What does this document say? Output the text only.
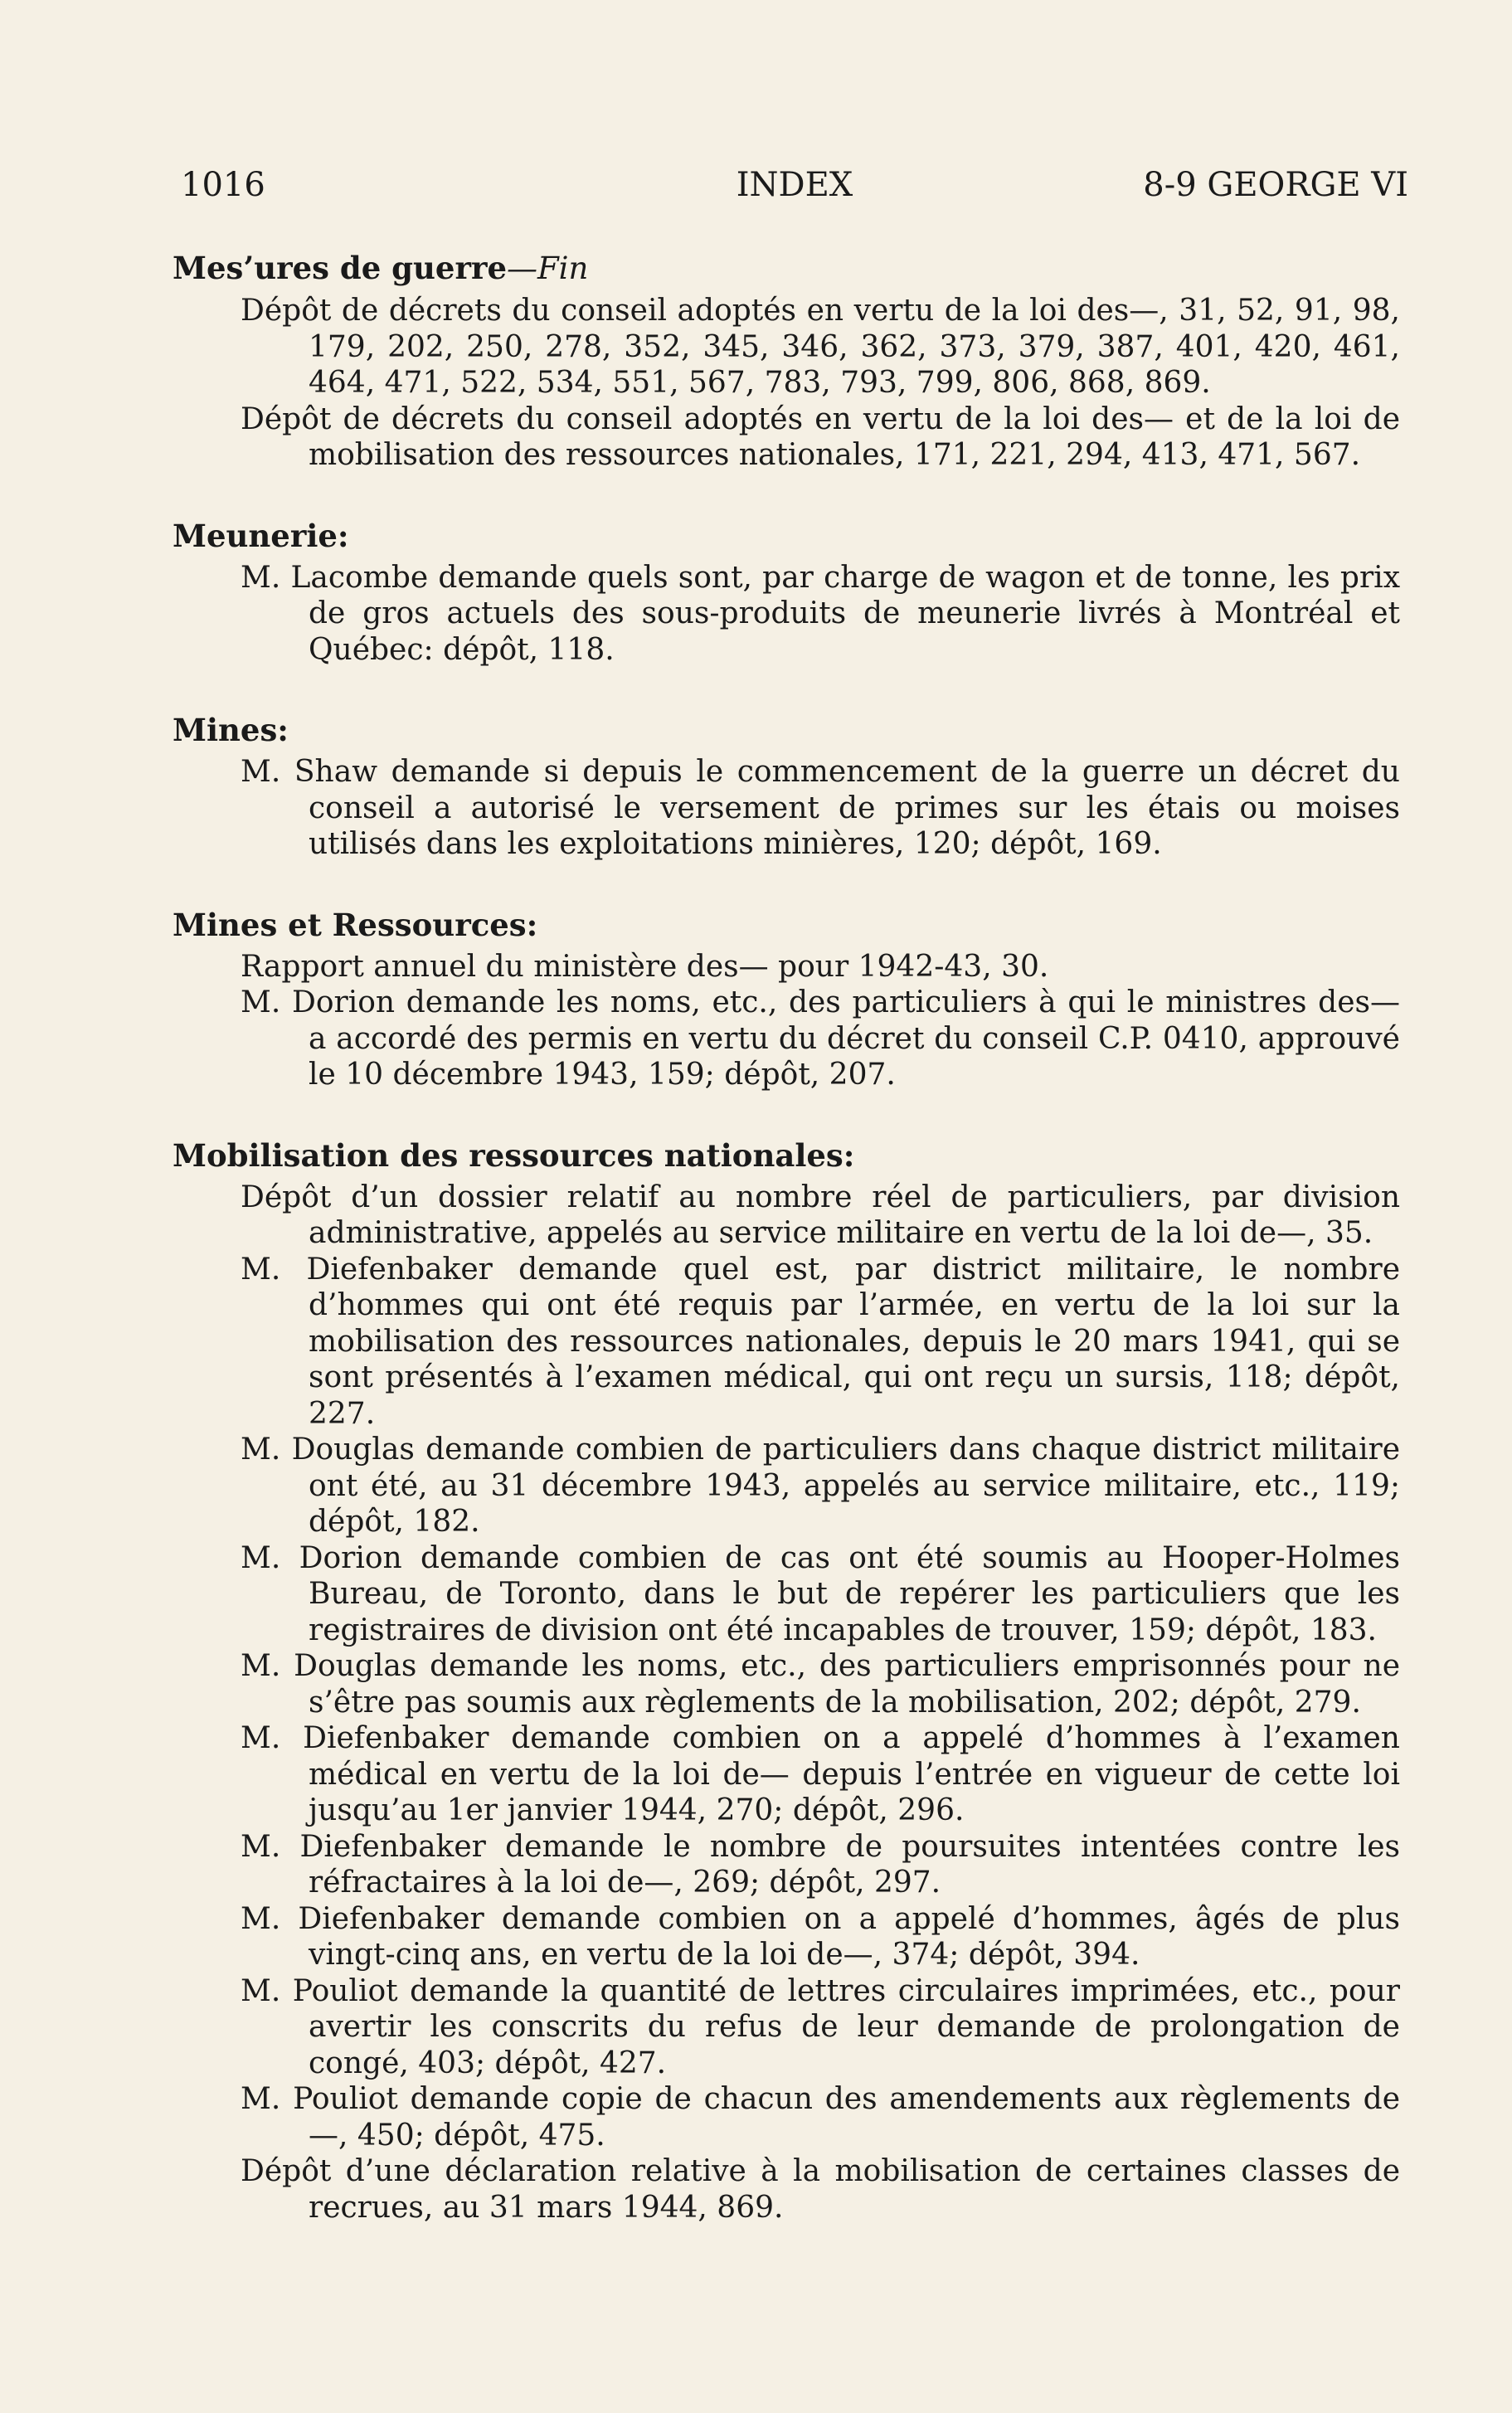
1016	INDEX	8-9 GEORGE VI

Mes’ures de guerre—Fin

Dépôt de décrets du conseil adoptés en vertu de la loi des—, 31, 52, 91, 98, 179, 202, 250, 278, 352, 345, 346, 362, 373, 379, 387, 401, 420, 461, 464, 471, 522, 534, 551, 567, 783, 793, 799, 806, 868, 869.
Dépôt de décrets du conseil adoptés en vertu de la loi des— et de la loi de mobilisation des ressources nationales, 171, 221, 294, 413, 471, 567.

Meunerie:

M. Lacombe demande quels sont, par charge de wagon et de tonne, les prix de gros actuels des sous-produits de meunerie livrés à Montréal et Québec: dépôt, 118.

Mines:

M. Shaw demande si depuis le commencement de la guerre un décret du conseil a autorisé le versement de primes sur les étais ou moises utilisés dans les exploitations minières, 120; dépôt, 169.

Mines et Ressources:

Rapport annuel du ministère des— pour 1942-43, 30.
M. Dorion demande les noms, etc., des particuliers à qui le ministres des— a accordé des permis en vertu du décret du conseil C.P. 0410, approuvé le 10 décembre 1943, 159; dépôt, 207.

Mobilisation des ressources nationales:

Dépôt d’un dossier relatif au nombre réel de particuliers, par division administrative, appelés au service militaire en vertu de la loi de—, 35.
M. Diefenbaker demande quel est, par district militaire, le nombre d’hommes qui ont été requis par l’armée, en vertu de la loi sur la mobilisation des ressources nationales, depuis le 20 mars 1941, qui se sont présentés à l’examen médical, qui ont reçu un sursis, 118; dépôt, 227.
M. Douglas demande combien de particuliers dans chaque district militaire ont été, au 31 décembre 1943, appelés au service militaire, etc., 119; dépôt, 182.
M. Dorion demande combien de cas ont été soumis au Hooper-Holmes Bureau, de Toronto, dans le but de repérer les particuliers que les registraires de division ont été incapables de trouver, 159; dépôt, 183.
M. Douglas demande les noms, etc., des particuliers emprisonnés pour ne s’être pas soumis aux règlements de la mobilisation, 202; dépôt, 279.
M. Diefenbaker demande combien on a appelé d’hommes à l’examen médical en vertu de la loi de— depuis l’entrée en vigueur de cette loi jusqu’au 1er janvier 1944, 270; dépôt, 296.
M. Diefenbaker demande le nombre de poursuites intentées contre les réfractaires à la loi de—, 269; dépôt, 297.
M. Diefenbaker demande combien on a appelé d’hommes, âgés de plus vingt-cinq ans, en vertu de la loi de—, 374; dépôt, 394.
M. Pouliot demande la quantité de lettres circulaires imprimées, etc., pour avertir les conscrits du refus de leur demande de prolongation de congé, 403; dépôt, 427.
M. Pouliot demande copie de chacun des amendements aux règlements de—, 450; dépôt, 475.
Dépôt d’une déclaration relative à la mobilisation de certaines classes de recrues, au 31 mars 1944, 869.
